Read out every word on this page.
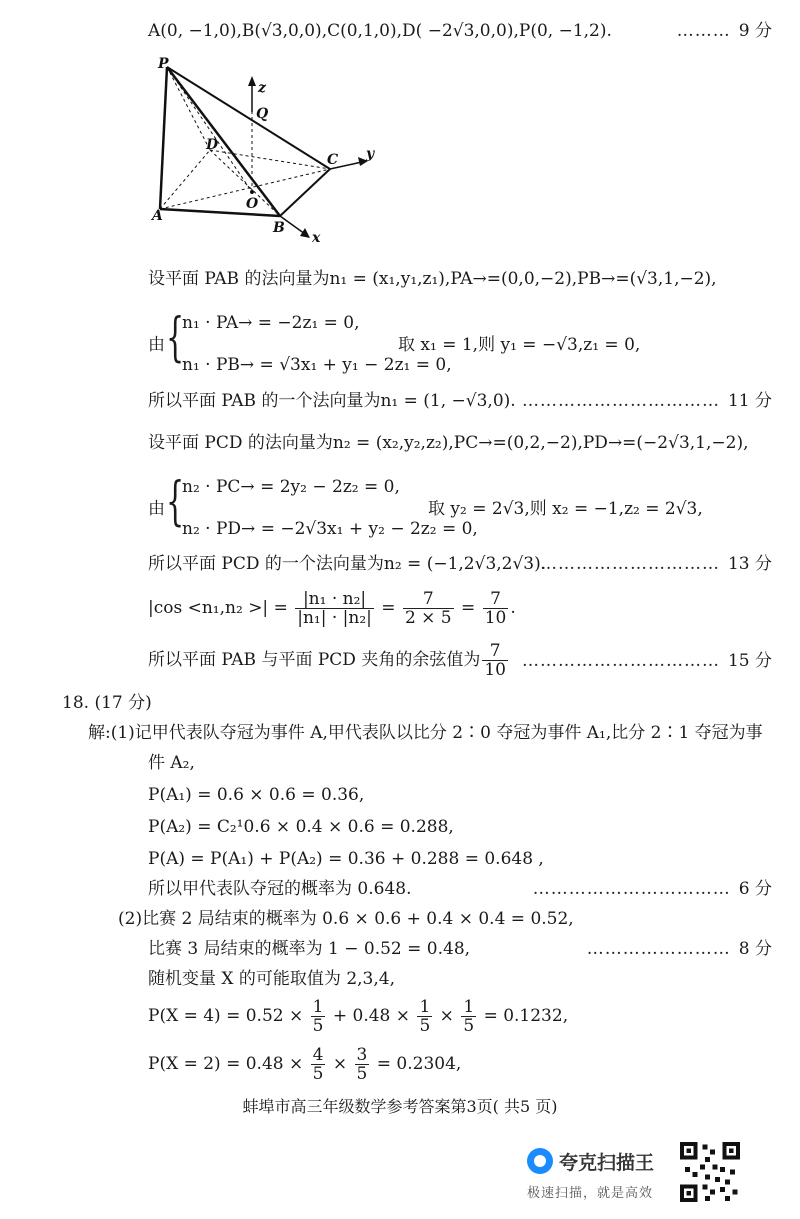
A(0, −1,0),B(√3,0,0),C(0,1,0),D( −2√3,0,0),P(0, −1,2).	……… 9 分
P
Q
D
C
A
O
B
x
y
z
设平面 PAB 的法向量为n₁ = (x₁,y₁,z₁),PA→=(0,0,−2),PB→=(√3,1,−2),
由 {
n₁ · PA→ = −2z₁ = 0,
n₁ · PB→ = √3x₁ + y₁ − 2z₁ = 0,
取 x₁ = 1,则 y₁ = −√3,z₁ = 0,
所以平面 PAB 的一个法向量为n₁ = (1, −√3,0). …………………………… 11 分
设平面 PCD 的法向量为n₂ = (x₂,y₂,z₂),PC→=(0,2,−2),PD→=(−2√3,1,−2),
由 {
n₂ · PC→ = 2y₂ − 2z₂ = 0,
n₂ · PD→ = −2√3x₁ + y₂ − 2z₂ = 0,
取 y₂ = 2√3,则 x₂ = −1,z₂ = 2√3,
所以平面 PCD 的一个法向量为n₂ = (−1,2√3,2√3).
………………………… 13 分
|cos <n₁,n₂ >| = $\frac{\text{|n₁ · n₂|}}{\text{|n₁| · |n₂|}} = \frac{7}{2 \times 5} = \frac{7}{10}$ .
所以平面 PAB 与平面 PCD 夹角的余弦值为 $\frac{7}{10}$ …………………………… 15 分
18. (17 分)
解:(1)记甲代表队夺冠为事件 A,甲代表队以比分 2∶0 夺冠为事件 A₁,比分 2∶1 夺冠为事
件 A₂,
P(A₁) = 0.6 × 0.6 = 0.36,
P(A₂) = C₂¹0.6 × 0.4 × 0.6 = 0.288,
P(A) = P(A₁) + P(A₂) = 0.36 + 0.288 = 0.648 ,
所以甲代表队夺冠的概率为 0.648.	…………………………… 6 分
(2)比赛 2 局结束的概率为 0.6 × 0.6 + 0.4 × 0.4 = 0.52,
比赛 3 局结束的概率为 1 − 0.52 = 0.48,	…………………… 8 分
随机变量 X 的可能取值为 2,3,4,
$P(X = 4) = 0.52 \times \frac{1}{5} + 0.48 \times \frac{1}{5} \times \frac{1}{5} = 0.1232$,
$P(X = 2) = 0.48 \times \frac{4}{5} \times \frac{3}{5} = 0.2304$,
蚌埠市高三年级数学参考答案第3页( 共5 页)
夸克扫描王
极速扫描，就是高效
